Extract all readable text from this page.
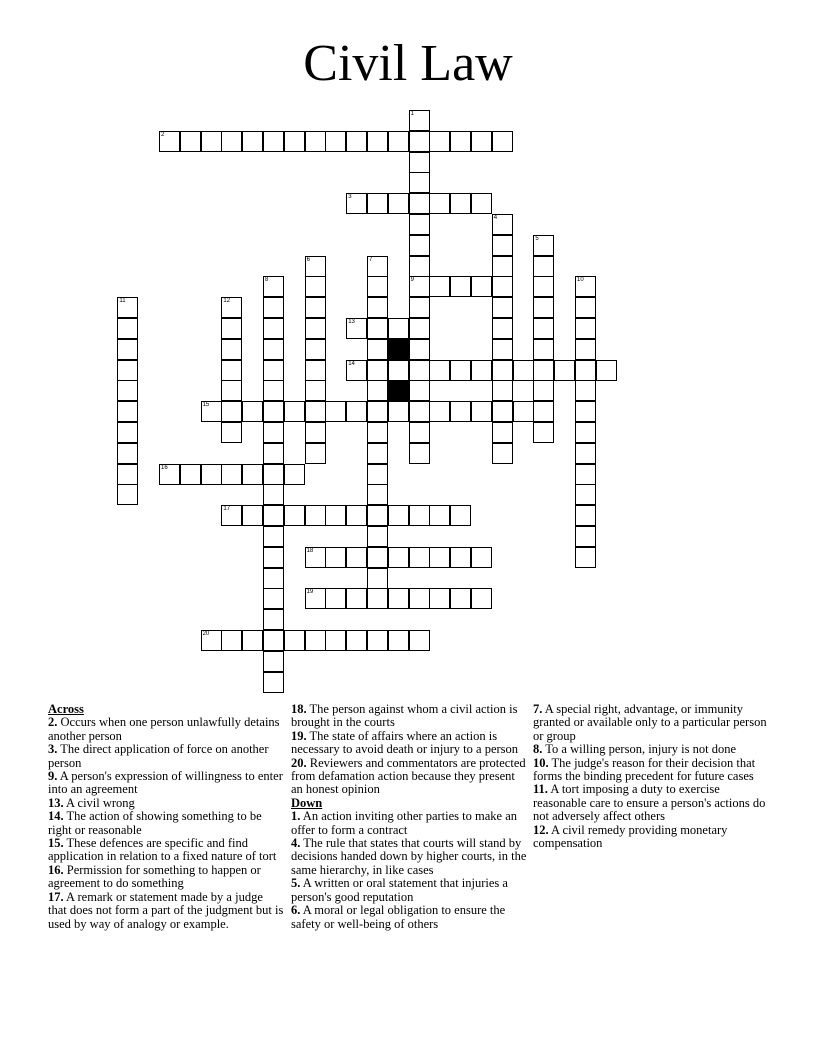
Civil Law
1
9
2
3
4
5
6	7
8	10
11	12
13
14
15
16
17
18
19
20
Across
2. Occurs when one person unlawfully detains another person
3. The direct application of force on another person
9. A person's expression of willingness to enter into an agreement
13. A civil wrong
14. The action of showing something to be right or reasonable
15. These defences are specific and find application in relation to a fixed nature of tort
16. Permission for something to happen or agreement to do something
17. A remark or statement made by a judge that does not form a part of the judgment but is used by way of analogy or example.
18. The person against whom a civil action is brought in the courts
19. The state of affairs where an action is necessary to avoid death or injury to a person
20. Reviewers and commentators are protected from defamation action because they present an honest opinion
Down
1. An action inviting other parties to make an offer to form a contract
4. The rule that states that courts will stand by decisions handed down by higher courts, in the same hierarchy, in like cases
5. A written or oral statement that injuries a person's good reputation
6. A moral or legal obligation to ensure the safety or well-being of others
7. A special right, advantage, or immunity granted or available only to a particular person or group
8. To a willing person, injury is not done
10. The judge's reason for their decision that forms the binding precedent for future cases
11. A tort imposing a duty to exercise reasonable care to ensure a person's actions do not adversely affect others
12. A civil remedy providing monetary compensation
